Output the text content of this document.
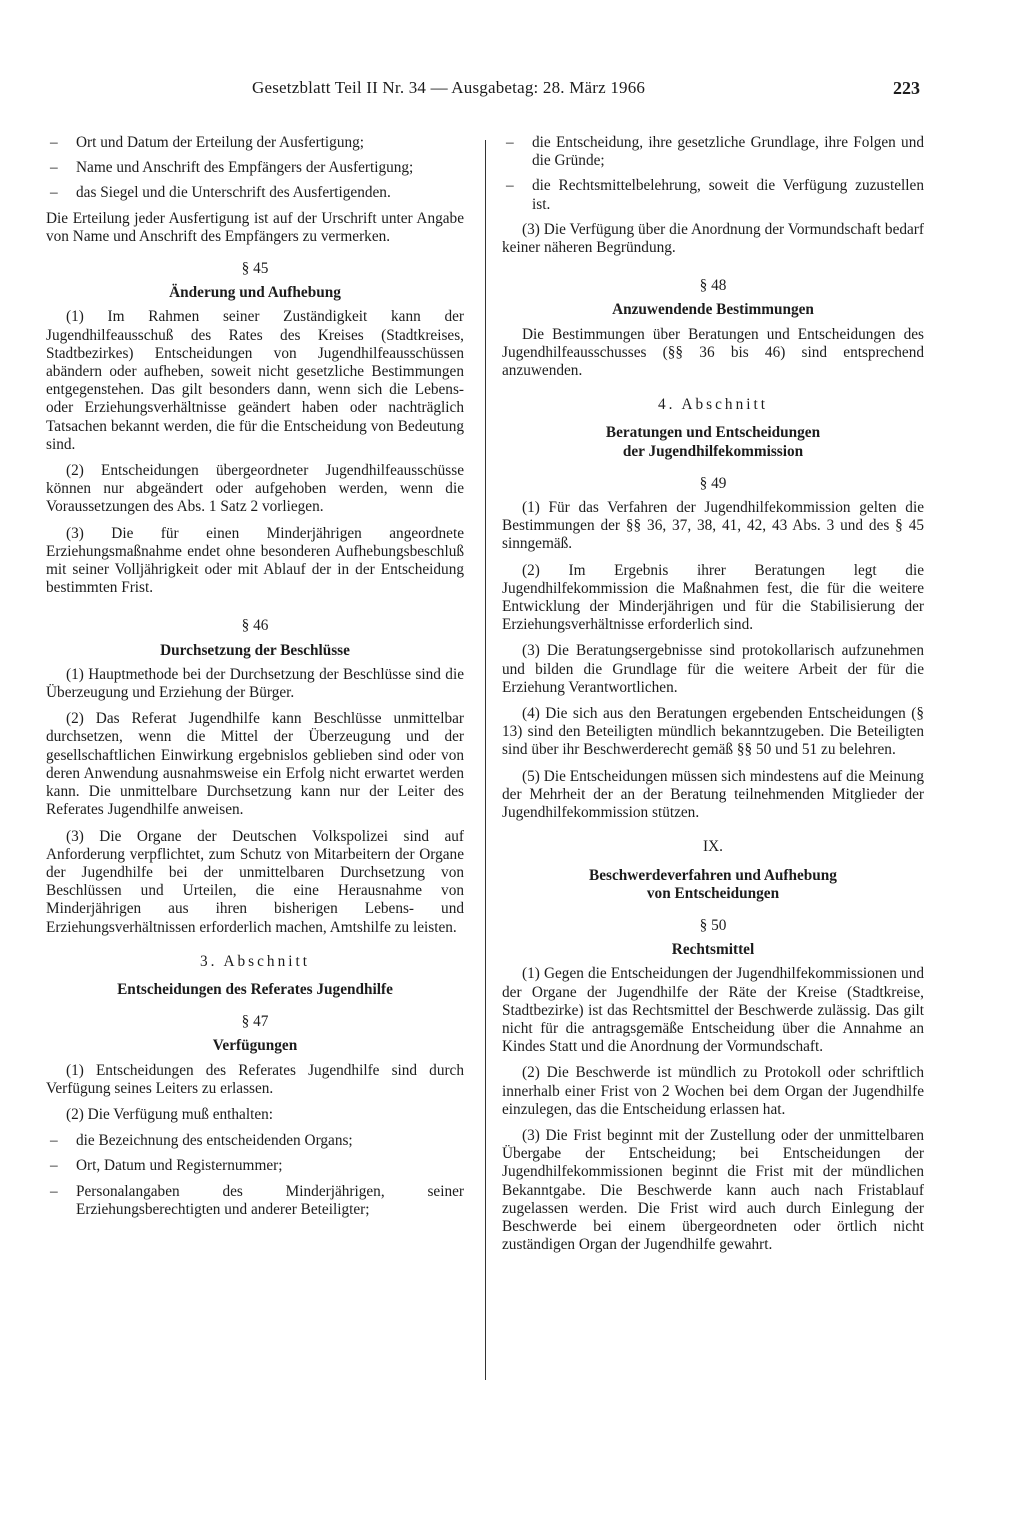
Gesetzblatt Teil II Nr. 34 — Ausgabetag: 28. März 1966	223
–	Ort und Datum der Erteilung der Ausfertigung;
–	Name und Anschrift des Empfängers der Ausfertigung;
–	das Siegel und die Unterschrift des Ausfertigenden.

Die Erteilung jeder Ausfertigung ist auf der Urschrift unter Angabe von Name und Anschrift des Empfängers zu vermerken.

§ 45
Änderung und Aufhebung

(1) Im Rahmen seiner Zuständigkeit kann der Jugendhilfeausschuß des Rates des Kreises (Stadtkreises, Stadtbezirkes) Entscheidungen von Jugendhilfeausschüssen abändern oder aufheben, soweit nicht gesetzliche Bestimmungen entgegenstehen. Das gilt besonders dann, wenn sich die Lebens- oder Erziehungsverhältnisse geändert haben oder nachträglich Tatsachen bekannt werden, die für die Entscheidung von Bedeutung sind.

(2) Entscheidungen übergeordneter Jugendhilfeausschüsse können nur abgeändert oder aufgehoben werden, wenn die Voraussetzungen des Abs. 1 Satz 2 vorliegen.

(3) Die für einen Minderjährigen angeordnete Erziehungsmaßnahme endet ohne besonderen Aufhebungsbeschluß mit seiner Volljährigkeit oder mit Ablauf der in der Entscheidung bestimmten Frist.

§ 46
Durchsetzung der Beschlüsse

(1) Hauptmethode bei der Durchsetzung der Beschlüsse sind die Überzeugung und Erziehung der Bürger.

(2) Das Referat Jugendhilfe kann Beschlüsse unmittelbar durchsetzen, wenn die Mittel der Überzeugung und der gesellschaftlichen Einwirkung ergebnislos geblieben sind oder von deren Anwendung ausnahmsweise ein Erfolg nicht erwartet werden kann. Die unmittelbare Durchsetzung kann nur der Leiter des Referates Jugendhilfe anweisen.

(3) Die Organe der Deutschen Volkspolizei sind auf Anforderung verpflichtet, zum Schutz von Mitarbeitern der Organe der Jugendhilfe bei der unmittelbaren Durchsetzung von Beschlüssen und Urteilen, die eine Herausnahme von Minderjährigen aus ihren bisherigen Lebens- und Erziehungsverhältnissen erforderlich machen, Amtshilfe zu leisten.

3. Abschnitt
Entscheidungen des Referates Jugendhilfe
§ 47
Verfügungen

(1) Entscheidungen des Referates Jugendhilfe sind durch Verfügung seines Leiters zu erlassen.

(2) Die Verfügung muß enthalten:

–	die Bezeichnung des entscheidenden Organs;
–	Ort, Datum und Registernummer;
–	Personalangaben des Minderjährigen, seiner Erziehungsberechtigten und anderer Beteiligter;
–	die Entscheidung, ihre gesetzliche Grundlage, ihre Folgen und die Gründe;
–	die Rechtsmittelbelehrung, soweit die Verfügung zuzustellen ist.

(3) Die Verfügung über die Anordnung der Vormundschaft bedarf keiner näheren Begründung.

§ 48
Anzuwendende Bestimmungen

Die Bestimmungen über Beratungen und Entscheidungen des Jugendhilfeausschusses (§§ 36 bis 46) sind entsprechend anzuwenden.

4. Abschnitt
Beratungen und Entscheidungen
der Jugendhilfekommission
§ 49

(1) Für das Verfahren der Jugendhilfekommission gelten die Bestimmungen der §§ 36, 37, 38, 41, 42, 43 Abs. 3 und des § 45 sinngemäß.

(2) Im Ergebnis ihrer Beratungen legt die Jugendhilfekommission die Maßnahmen fest, die für die weitere Entwicklung der Minderjährigen und für die Stabilisierung der Erziehungsverhältnisse erforderlich sind.

(3) Die Beratungsergebnisse sind protokollarisch aufzunehmen und bilden die Grundlage für die weitere Arbeit der für die Erziehung Verantwortlichen.

(4) Die sich aus den Beratungen ergebenden Entscheidungen (§ 13) sind den Beteiligten mündlich bekanntzugeben. Die Beteiligten sind über ihr Beschwerderecht gemäß §§ 50 und 51 zu belehren.

(5) Die Entscheidungen müssen sich mindestens auf die Meinung der Mehrheit der an der Beratung teilnehmenden Mitglieder der Jugendhilfekommission stützen.

IX.
Beschwerdeverfahren und Aufhebung
von Entscheidungen
§ 50
Rechtsmittel

(1) Gegen die Entscheidungen der Jugendhilfekommissionen und der Organe der Jugendhilfe der Räte der Kreise (Stadtkreise, Stadtbezirke) ist das Rechtsmittel der Beschwerde zulässig. Das gilt nicht für die antragsgemäße Entscheidung über die Annahme an Kindes Statt und die Anordnung der Vormundschaft.

(2) Die Beschwerde ist mündlich zu Protokoll oder schriftlich innerhalb einer Frist von 2 Wochen bei dem Organ der Jugendhilfe einzulegen, das die Entscheidung erlassen hat.

(3) Die Frist beginnt mit der Zustellung oder der unmittelbaren Übergabe der Entscheidung; bei Entscheidungen der Jugendhilfekommissionen beginnt die Frist mit der mündlichen Bekanntgabe. Die Beschwerde kann auch nach Fristablauf zugelassen werden. Die Frist wird auch durch Einlegung der Beschwerde bei einem übergeordneten oder örtlich nicht zuständigen Organ der Jugendhilfe gewahrt.
